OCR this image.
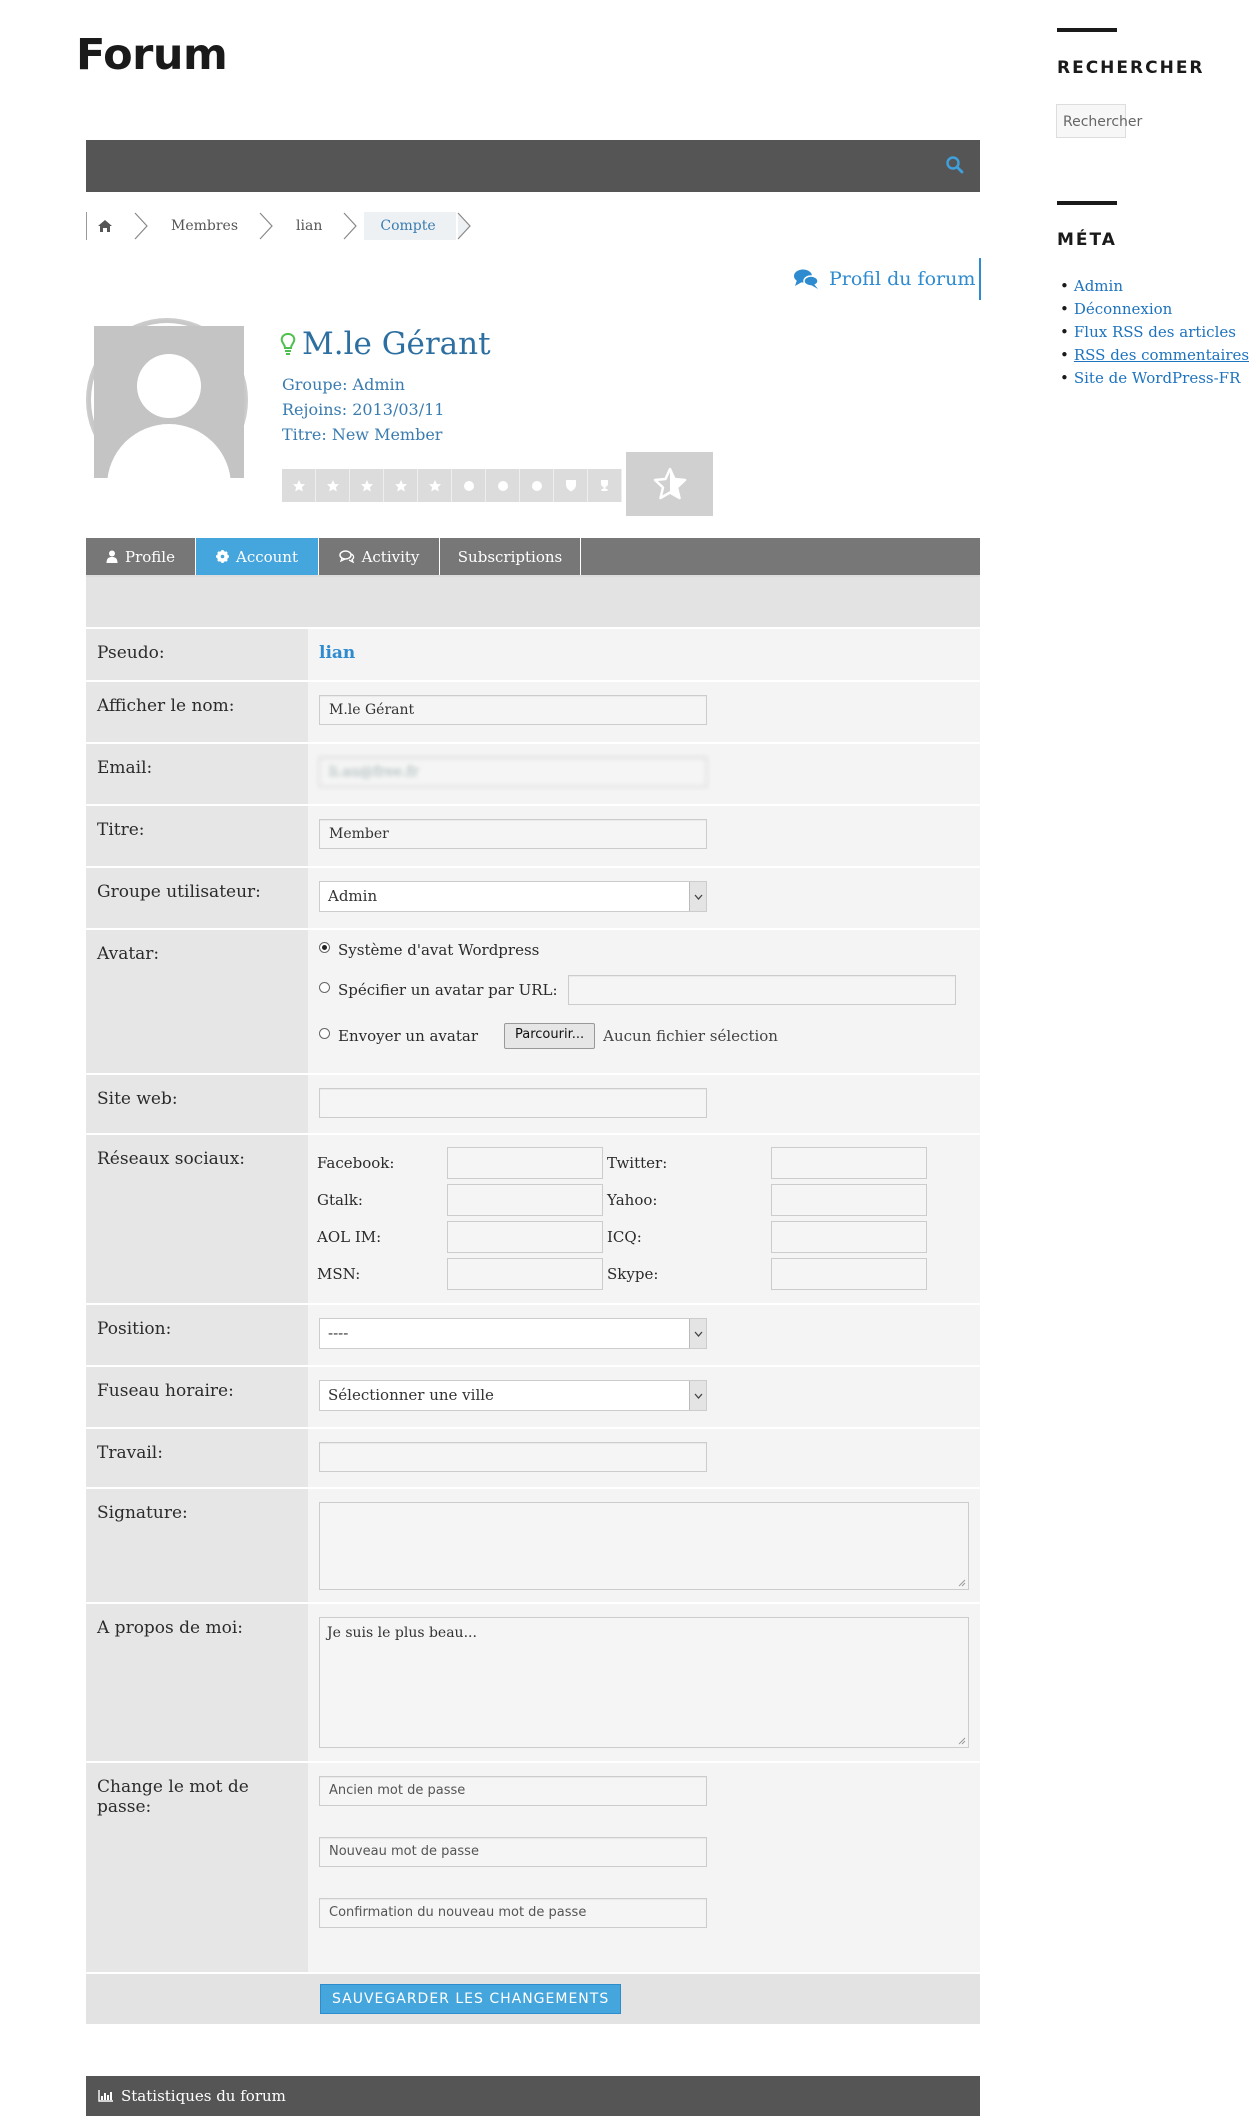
Forum	RECHERCHER
Rechercher
MÉTA
• Admin
• Déconnexion
• Flux RSS des articles
• RSS des commentaires
• Site de WordPress-FR
Membres	lian	Compte
Profil du forum
M.le Gérant
Groupe: Admin
Rejoins: 2013/03/11
Titre: New Member
Profile	Account	Activity	Subscriptions
Pseudo:	lian
Afficher le nom:	M.le Gérant
Email:	li.au@free.fr
Titre:	Member
Groupe utilisateur:	Admin
Avatar:	Système d'avat Wordpress
Spécifier un avatar par URL:
Envoyer un avatar	Parcourir...	Aucun fichier sélection
Site web:
Réseaux sociaux:	Facebook:	Twitter:
Gtalk:	Yahoo:
AOL IM:	ICQ:
MSN:	Skype:
Position:	----
Fuseau horaire:	Sélectionner une ville
Travail:
Signature:
A propos de moi:	Je suis le plus beau...
Change le mot de passe:
Ancien mot de passe
Nouveau mot de passe
Confirmation du nouveau mot de passe
SAUVEGARDER LES CHANGEMENTS
Statistiques du forum
